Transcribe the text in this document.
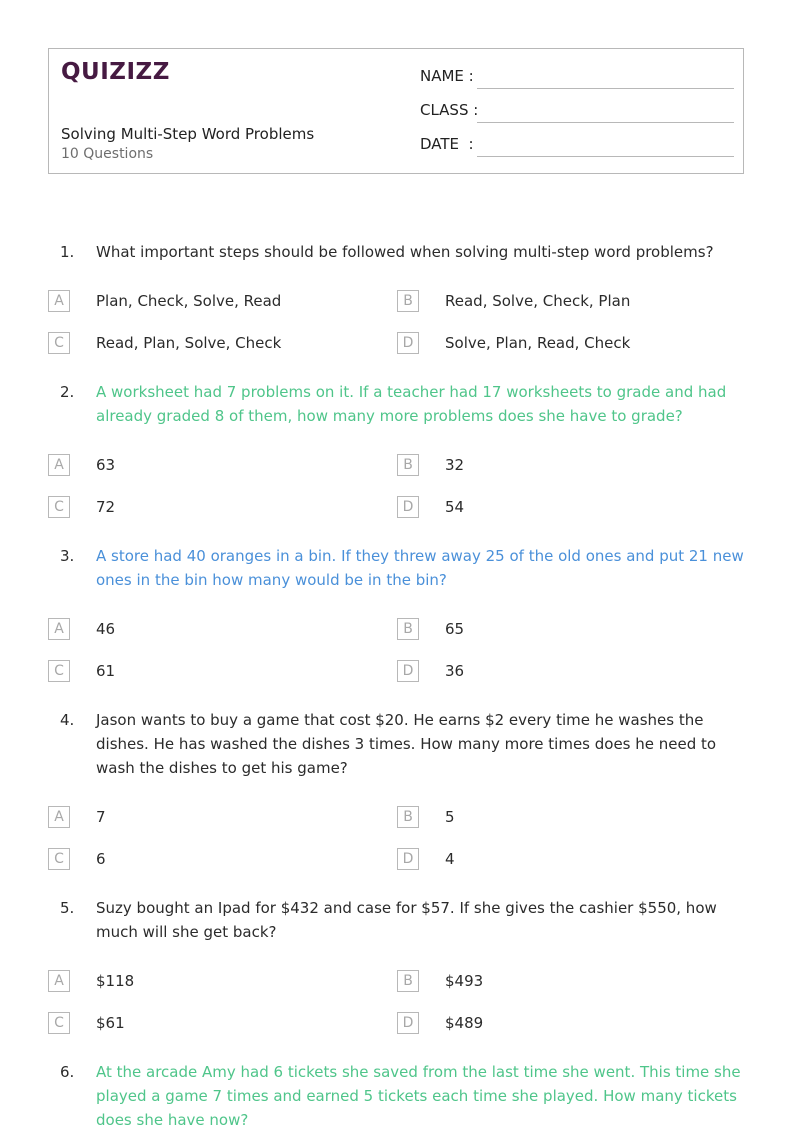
QUIZIZZ
Solving Multi-Step Word Problems
10 Questions
NAME :
CLASS :
DATE  :
1. What important steps should be followed when solving multi-step word problems?
A	Plan, Check, Solve, Read	B	Read, Solve, Check, Plan
C	Read, Plan, Solve, Check	D	Solve, Plan, Read, Check
2. A worksheet had 7 problems on it. If a teacher had 17 worksheets to grade and had already graded 8 of them, how many more problems does she have to grade?
A	63	B	32
C	72	D	54
3. A store had 40 oranges in a bin. If they threw away 25 of the old ones and put 21 new ones in the bin how many would be in the bin?
A	46	B	65
C	61	D	36
4. Jason wants to buy a game that cost $20. He earns $2 every time he washes the dishes. He has washed the dishes 3 times. How many more times does he need to wash the dishes to get his game?
A	7	B	5
C	6	D	4
5. Suzy bought an Ipad for $432 and case for $57. If she gives the cashier $550, how much will she get back?
A	$118	B	$493
C	$61	D	$489
6. At the arcade Amy had 6 tickets she saved from the last time she went. This time she played a game 7 times and earned 5 tickets each time she played. How many tickets does she have now?
